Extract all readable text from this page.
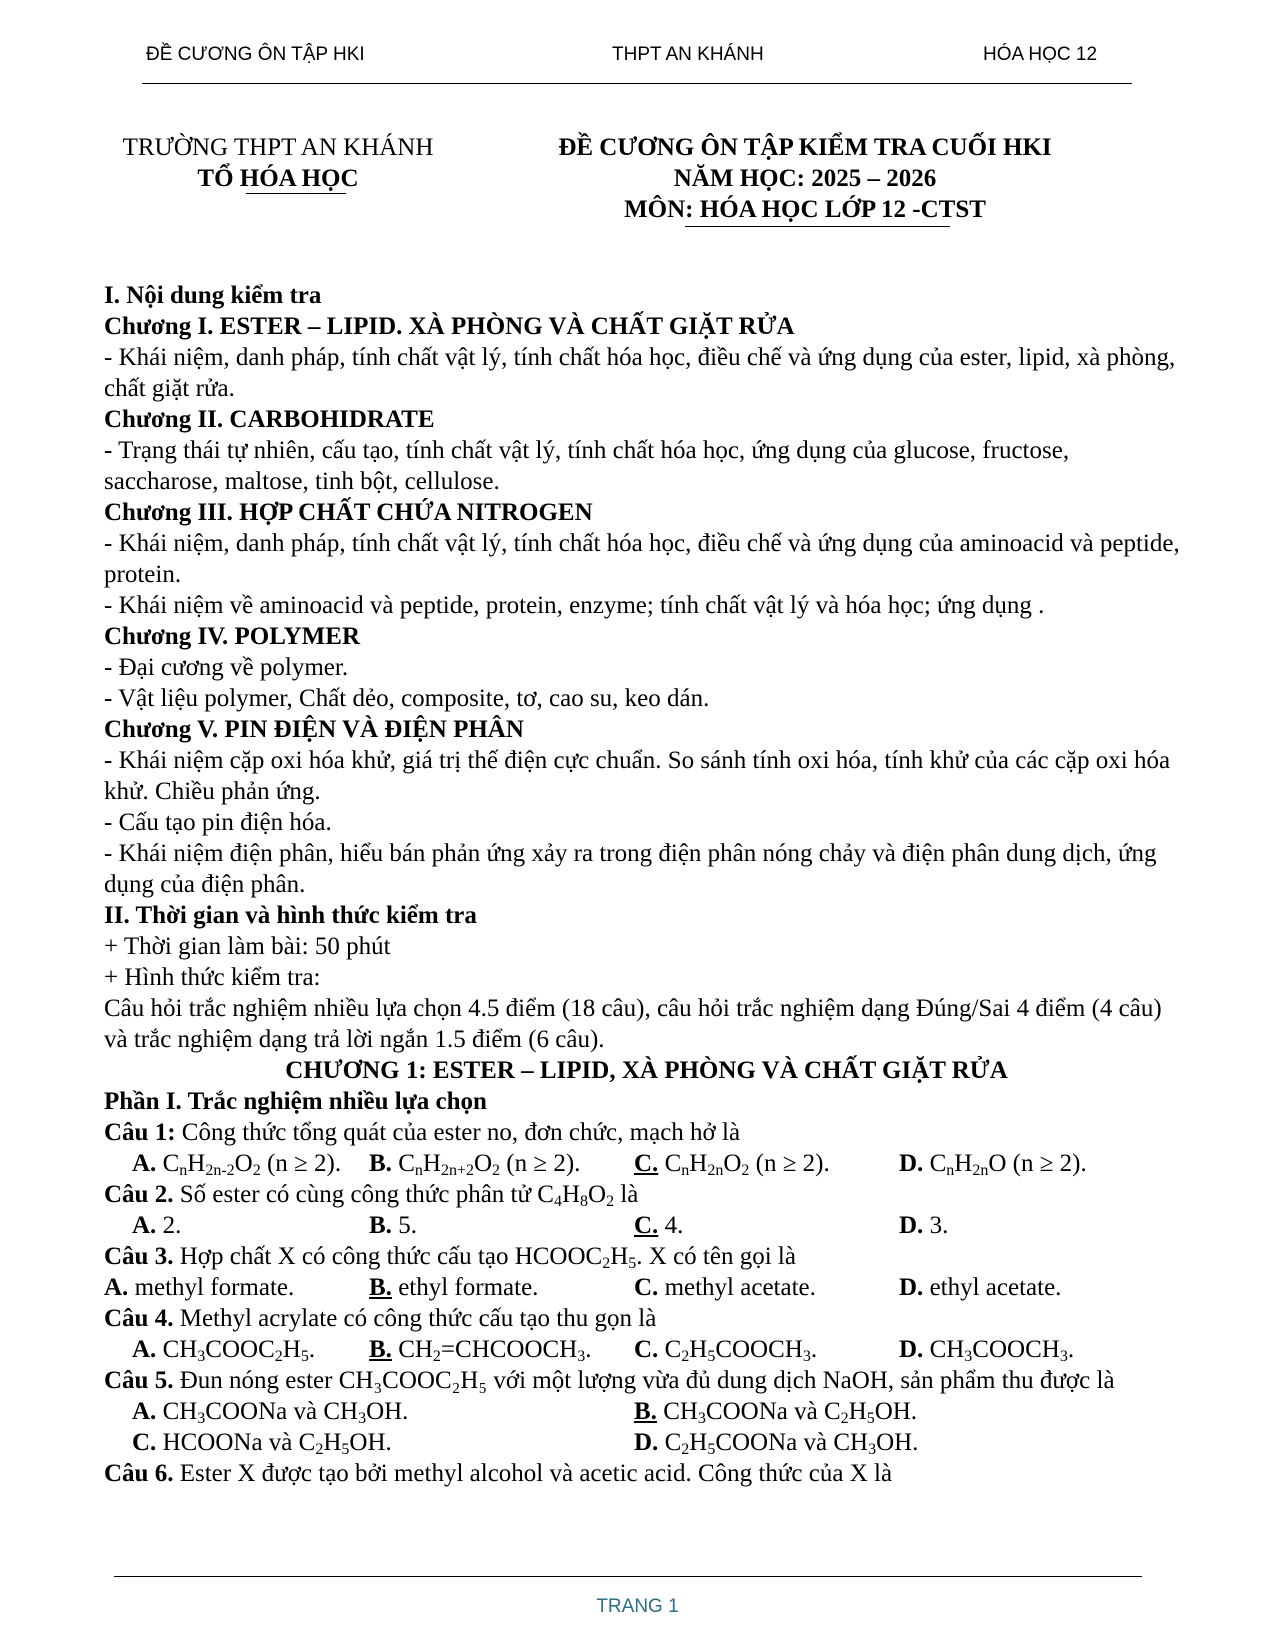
ĐỀ CƯƠNG ÔN TẬP HKI	THPT AN KHÁNH	HÓA HỌC 12
TRƯỜNG THPT AN KHÁNH
TỔ HÓA HỌC
ĐỀ CƯƠNG ÔN TẬP KIỂM TRA CUỐI HKI
NĂM HỌC: 2025 – 2026
MÔN: HÓA HỌC LỚP 12 -CTST

I. Nội dung kiểm tra

Chương I. ESTER – LIPID. XÀ PHÒNG VÀ CHẤT GIẶT RỬA

- Khái niệm, danh pháp, tính chất vật lý, tính chất hóa học, điều chế và ứng dụng của ester, lipid, xà phòng, chất giặt rửa.

Chương II. CARBOHIDRATE

- Trạng thái tự nhiên, cấu tạo, tính chất vật lý, tính chất hóa học, ứng dụng của glucose, fructose, saccharose, maltose, tinh bột, cellulose.

Chương III. HỢP CHẤT CHỨA NITROGEN

- Khái niệm, danh pháp, tính chất vật lý, tính chất hóa học, điều chế và ứng dụng của aminoacid và peptide, protein.

- Khái niệm về aminoacid và peptide, protein, enzyme; tính chất vật lý và hóa học; ứng dụng .

Chương IV. POLYMER

- Đại cương về polymer.

- Vật liệu polymer, Chất dẻo, composite, tơ, cao su, keo dán.

Chương V. PIN ĐIỆN VÀ ĐIỆN PHÂN

- Khái niệm cặp oxi hóa khử, giá trị thế điện cực chuẩn. So sánh tính oxi hóa, tính khử của các cặp oxi hóa khử. Chiều phản ứng.

- Cấu tạo pin điện hóa.

- Khái niệm điện phân, hiểu bán phản ứng xảy ra trong điện phân nóng chảy và điện phân dung dịch, ứng dụng của điện phân.

II. Thời gian và hình thức kiểm tra

+ Thời gian làm bài: 50 phút

+ Hình thức kiểm tra:

Câu hỏi trắc nghiệm nhiều lựa chọn 4.5 điểm (18 câu), câu hỏi trắc nghiệm dạng Đúng/Sai 4 điểm (4 câu) và trắc nghiệm dạng trả lời ngắn 1.5 điểm (6 câu).

CHƯƠNG 1: ESTER – LIPID, XÀ PHÒNG VÀ CHẤT GIẶT RỬA

Phần I. Trắc nghiệm nhiều lựa chọn

Câu 1: Công thức tổng quát của ester no, đơn chức, mạch hở là

A. $C_nH_{2n-2}O_2$ (n ≥ 2).	B. $C_nH_{2n+2}O_2$ (n ≥ 2).	C. $C_nH_{2n}O_2$ (n ≥ 2).	D. $C_nH_{2n}O$ (n ≥ 2).

Câu 2. Số ester có cùng công thức phân tử $C_4H_8O_2$ là

A. 2.	B. 5.	C. 4.	D. 3.

Câu 3. Hợp chất X có công thức cấu tạo $HCOOC_2H_5$. X có tên gọi là

A. methyl formate.	B. ethyl formate.	C. methyl acetate.	D. ethyl acetate.

Câu 4. Methyl acrylate có công thức cấu tạo thu gọn là

A. $CH_3COOC_2H_5$.	B. $CH_2=CHCOOCH_3$.	C. $C_2H_5COOCH_3$.	D. $CH_3COOCH_3$.

Câu 5. Đun nóng ester CH₃COOC₂H₅ với một lượng vừa đủ dung dịch NaOH, sản phẩm thu được là

A. $CH_3COONa$ và $CH_3OH$.	B. $CH_3COONa$ và $C_2H_5OH$.
C. HCOONa và $C_2H_5OH$.	D. $C_2H_5COONa$ và $CH_3OH$.

Câu 6. Ester X được tạo bởi methyl alcohol và acetic acid. Công thức của X là

TRANG 1
